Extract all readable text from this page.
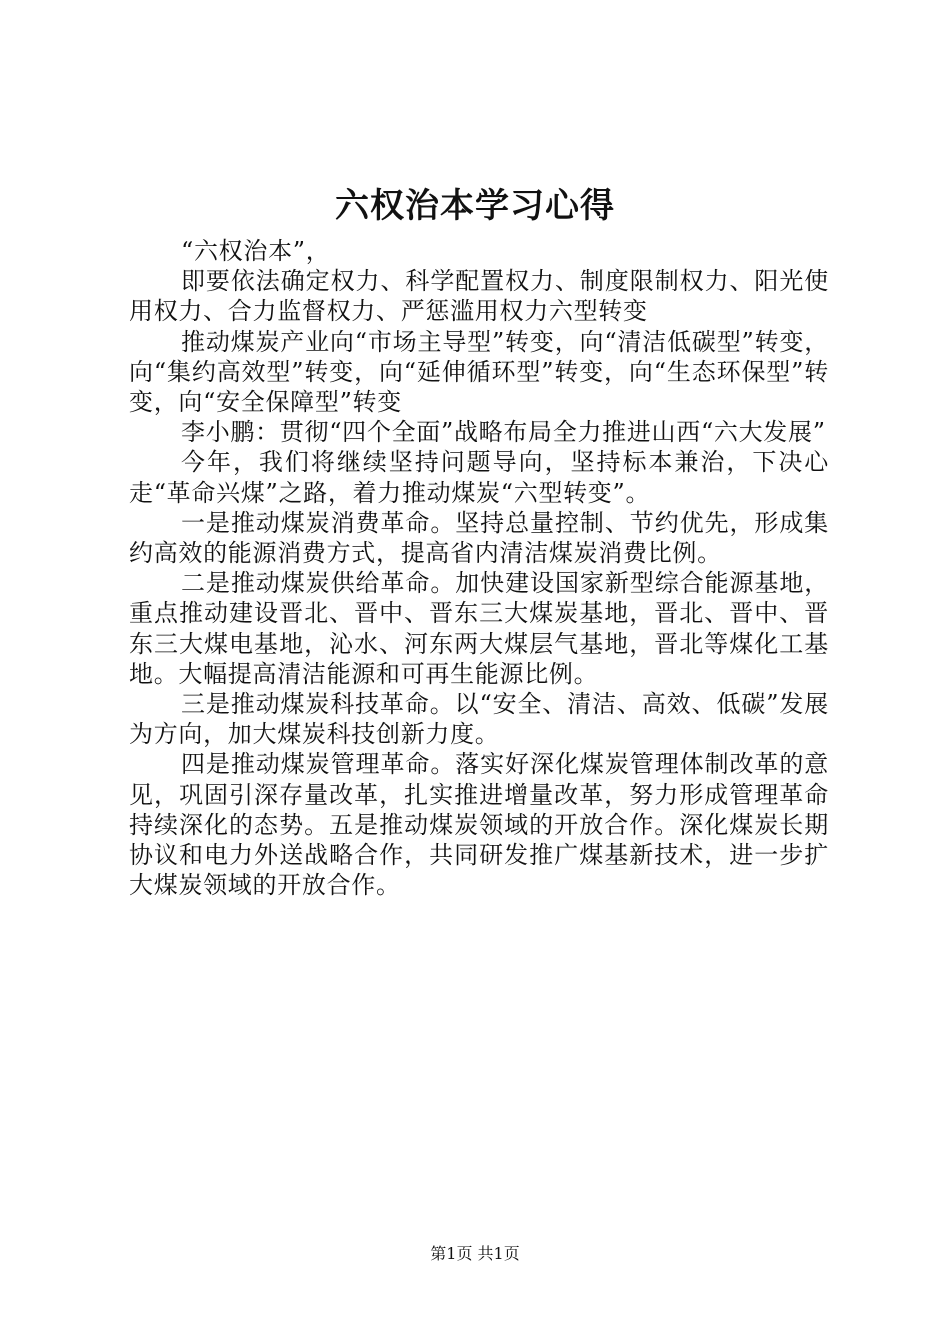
六权治本学习心得

“六权治本”，

即要依法确定权力、科学配置权力、制度限制权力、阳光使用权力、合力监督权力、严惩滥用权力六型转变

推动煤炭产业向“市场主导型”转变，向“清洁低碳型”转变，向“集约高效型”转变，向“延伸循环型”转变，向“生态环保型”转变，向“安全保障型”转变

李小鹏：贯彻“四个全面”战略布局全力推进山西“六大发展”

今年，我们将继续坚持问题导向，坚持标本兼治，下决心走“革命兴煤”之路，着力推动煤炭“六型转变”。

一是推动煤炭消费革命。坚持总量控制、节约优先，形成集约高效的能源消费方式，提高省内清洁煤炭消费比例。

二是推动煤炭供给革命。加快建设国家新型综合能源基地，重点推动建设晋北、晋中、晋东三大煤炭基地，晋北、晋中、晋东三大煤电基地，沁水、河东两大煤层气基地，晋北等煤化工基地。大幅提高清洁能源和可再生能源比例。

三是推动煤炭科技革命。以“安全、清洁、高效、低碳”发展为方向，加大煤炭科技创新力度。

四是推动煤炭管理革命。落实好深化煤炭管理体制改革的意见，巩固引深存量改革，扎实推进增量改革，努力形成管理革命持续深化的态势。五是推动煤炭领域的开放合作。深化煤炭长期协议和电力外送战略合作，共同研发推广煤基新技术，进一步扩大煤炭领域的开放合作。

第1页 共1页
